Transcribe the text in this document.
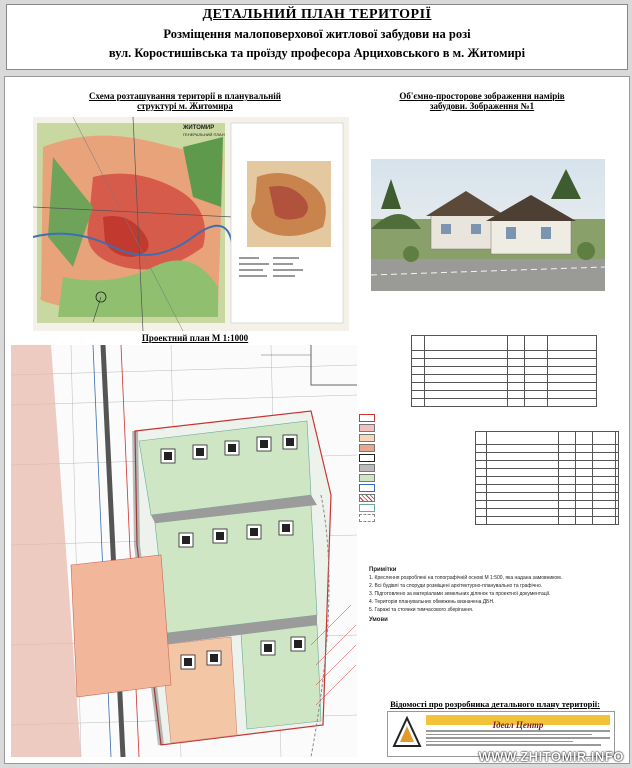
ДЕТАЛЬНИЙ ПЛАН ТЕРИТОРІЇ
Розміщення малоповерхової житлової забудови на розі
вул. Коростишівська та проїзду професора Арциховського в м. Житомирі
Схема розташування території в планувальній структурі м. Житомира
ЖИТОМИР
ГЕНЕРАЛЬНИЙ ПЛАН
Об'ємно-просторове зображення намірів забудови. Зображення №1
Проектний план М 1:1000

Примітки

1. Креслення розроблені на топографічній основі М 1:500, яка надана замовником.

2. Всі будівлі та споруди розміщені архітектурно-планувально та графічно.

3. Підготовлено за матеріалами земельних ділянок та проектної документації.

4. Територія планувальних обмежень визначена ДБН.

5. Гаражі та стоянки тимчасового зберігання.

Умови

Відомості про розробника детального плану території:
Ідеал Центр
WWW.ZHITOMIR.INFO
